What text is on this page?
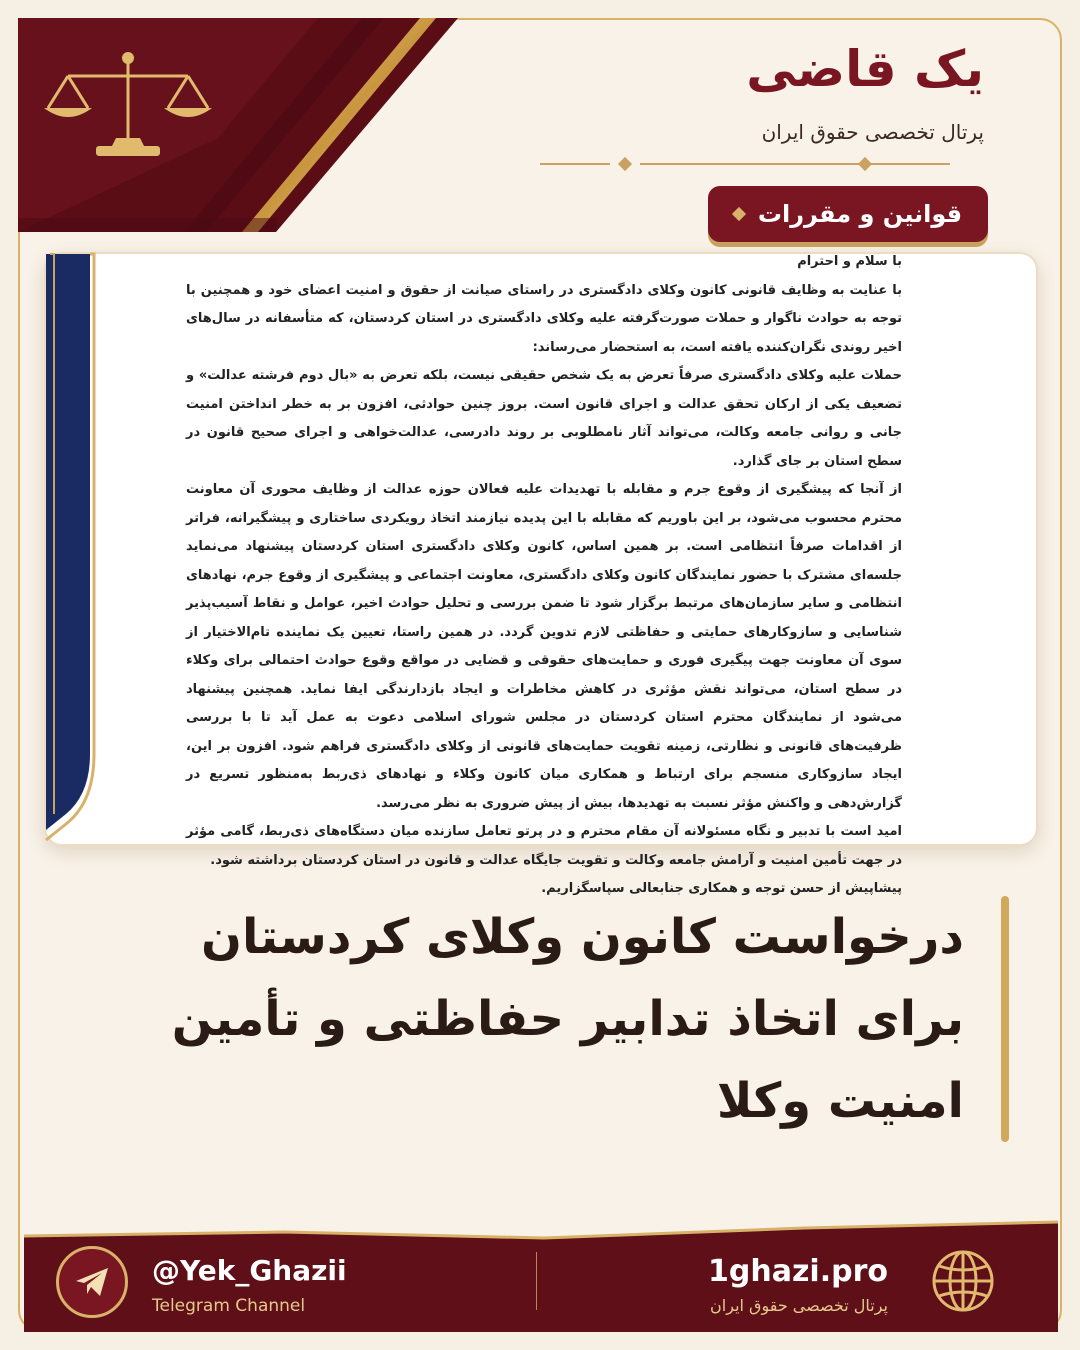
یک قاضی
پرتال تخصصی حقوق ایران
قوانین و مقررات

با سلام و احترام

با عنایت به وظایف قانونی کانون وکلای دادگستری در راستای صیانت از حقوق و امنیت اعضای خود و همچنین با توجه به حوادث ناگوار و حملات صورت‌گرفته علیه وکلای دادگستری در استان کردستان، که متأسفانه در سال‌های اخیر روندی نگران‌کننده یافته است، به استحضار می‌رساند:

حملات علیه وکلای دادگستری صرفاً تعرض به یک شخص حقیقی نیست، بلکه تعرض به «بال دوم فرشته عدالت» و تضعیف یکی از ارکان تحقق عدالت و اجرای قانون است. بروز چنین حوادثی، افزون بر به خطر انداختن امنیت جانی و روانی جامعه وکالت، می‌تواند آثار نامطلوبی بر روند دادرسی، عدالت‌خواهی و اجرای صحیح قانون در سطح استان بر جای گذارد.

از آنجا که پیشگیری از وقوع جرم و مقابله با تهدیدات علیه فعالان حوزه عدالت از وظایف محوری آن معاونت محترم محسوب می‌شود، بر این باوریم که مقابله با این پدیده نیازمند اتخاذ رویکردی ساختاری و پیشگیرانه، فراتر از اقدامات صرفاً انتظامی است. بر همین اساس، کانون وکلای دادگستری استان کردستان پیشنهاد می‌نماید جلسه‌ای مشترک با حضور نمایندگان کانون وکلای دادگستری، معاونت اجتماعی و پیشگیری از وقوع جرم، نهادهای انتظامی و سایر سازمان‌های مرتبط برگزار شود تا ضمن بررسی و تحلیل حوادث اخیر، عوامل و نقاط آسیب‌پذیر شناسایی و سازوکارهای حمایتی و حفاظتی لازم تدوین گردد. در همین راستا، تعیین یک نماینده تام‌الاختیار از سوی آن معاونت جهت پیگیری فوری و حمایت‌های حقوقی و قضایی در مواقع وقوع حوادث احتمالی برای وکلاء در سطح استان، می‌تواند نقش مؤثری در کاهش مخاطرات و ایجاد بازدارندگی ایفا نماید. همچنین پیشنهاد می‌شود از نمایندگان محترم استان کردستان در مجلس شورای اسلامی دعوت به عمل آید تا با بررسی ظرفیت‌های قانونی و نظارتی، زمینه تقویت حمایت‌های قانونی از وکلای دادگستری فراهم شود. افزون بر این، ایجاد سازوکاری منسجم برای ارتباط و همکاری میان کانون وکلاء و نهادهای ذی‌ربط به‌منظور تسریع در گزارش‌دهی و واکنش مؤثر نسبت به تهدیدها، بیش از پیش ضروری به نظر می‌رسد.

امید است با تدبیر و نگاه مسئولانه آن مقام محترم و در پرتو تعامل سازنده میان دستگاه‌های ذی‌ربط، گامی مؤثر در جهت تأمین امنیت و آرامش جامعه وکالت و تقویت جایگاه عدالت و قانون در استان کردستان برداشته شود.

پیشاپیش از حسن توجه و همکاری جنابعالی سپاسگزاریم.

درخواست کانون وکلای کردستان برای اتخاذ تدابیر حفاظتی و تأمین امنیت وکلا
@Yek_Ghazii
Telegram Channel
1ghazi.pro
پرتال تخصصی حقوق ایران
